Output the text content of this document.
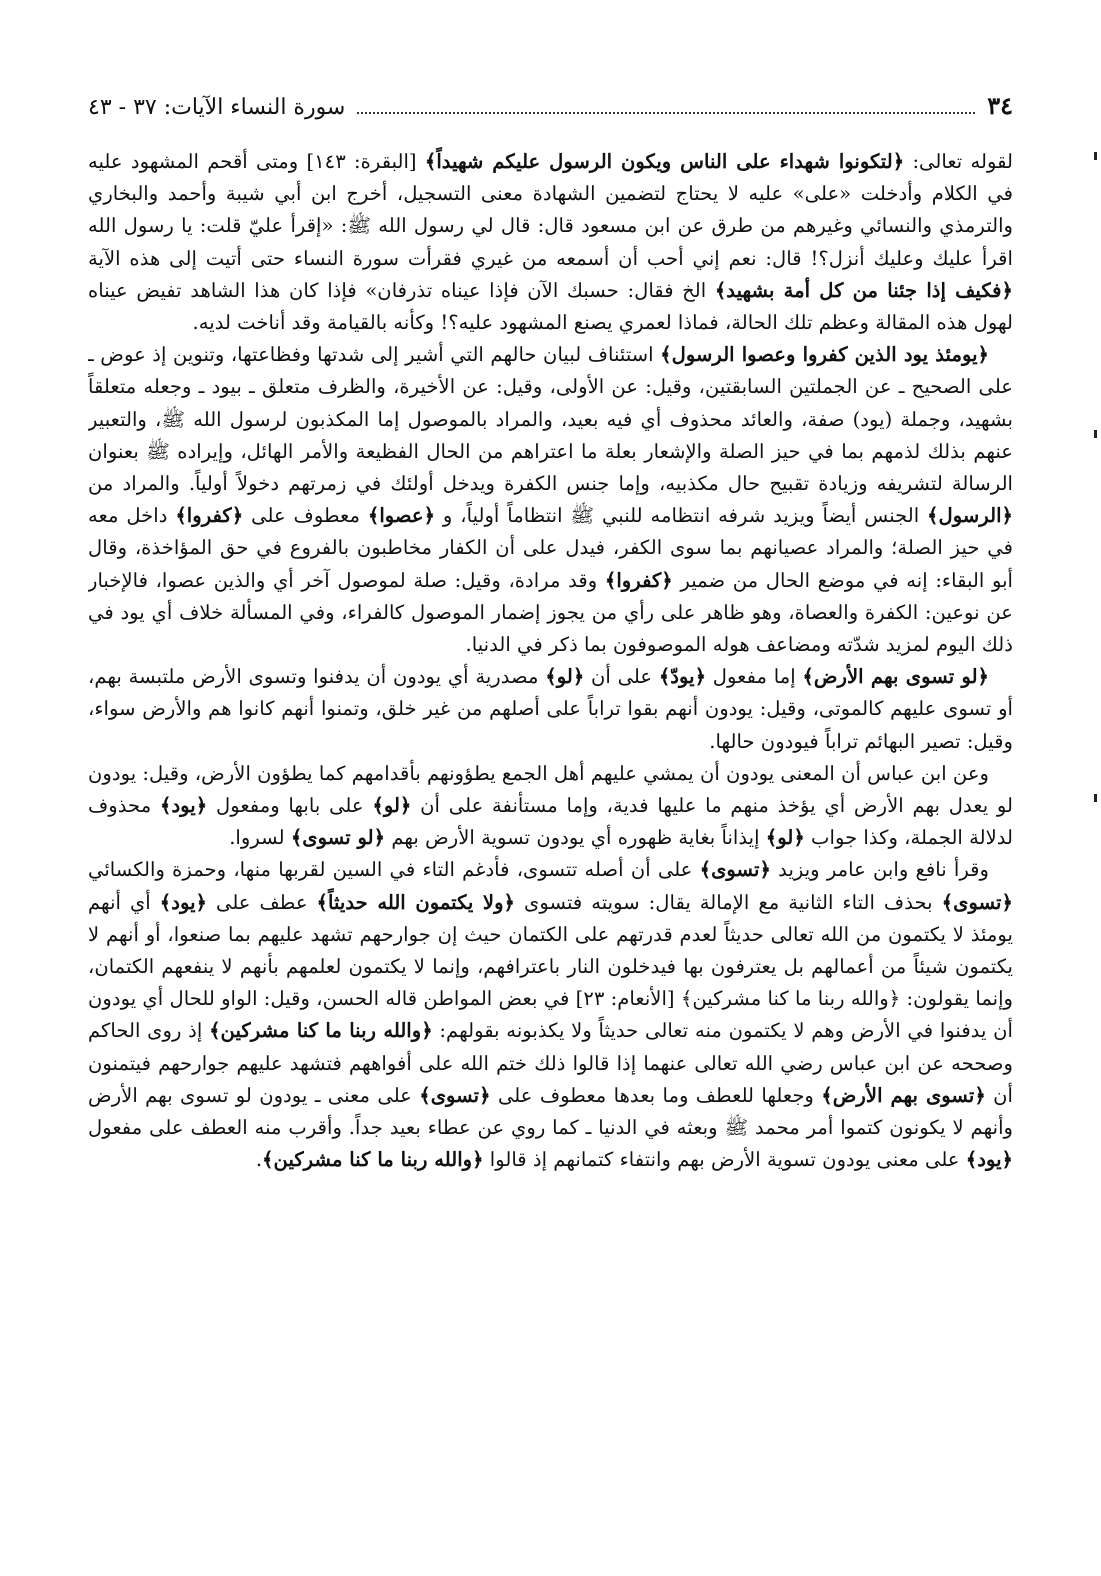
٣٤
سورة النساء الآيات: ٣٧ - ٤٣

لقوله تعالى: ﴿لتكونوا شهداء على الناس ويكون الرسول عليكم شهيداً﴾ [البقرة: ١٤٣] ومتى أقحم المشهود عليه في الكلام وأدخلت «على» عليه لا يحتاج لتضمين الشهادة معنى التسجيل، أخرج ابن أبي شيبة وأحمد والبخاري والترمذي والنسائي وغيرهم من طرق عن ابن مسعود قال: قال لي رسول الله ﷺ: «إقرأ عليّ قلت: يا رسول الله اقرأ عليك وعليك أنزل؟! قال: نعم إني أحب أن أسمعه من غيري فقرأت سورة النساء حتى أتيت إلى هذه الآية ﴿فكيف إذا جئنا من كل أمة بشهيد﴾ الخ فقال: حسبك الآن فإذا عيناه تذرفان» فإذا كان هذا الشاهد تفيض عيناه لهول هذه المقالة وعظم تلك الحالة، فماذا لعمري يصنع المشهود عليه؟! وكأنه بالقيامة وقد أناخت لديه.

﴿يومئذ يود الذين كفروا وعصوا الرسول﴾ استئناف لبيان حالهم التي أشير إلى شدتها وفظاعتها، وتنوين إذ عوض ـ على الصحيح ـ عن الجملتين السابقتين، وقيل: عن الأولى، وقيل: عن الأخيرة، والظرف متعلق ـ بيود ـ وجعله متعلقاً بشهيد، وجملة (يود) صفة، والعائد محذوف أي فيه بعيد، والمراد بالموصول إما المكذبون لرسول الله ﷺ، والتعبير عنهم بذلك لذمهم بما في حيز الصلة والإشعار بعلة ما اعتراهم من الحال الفظيعة والأمر الهائل، وإيراده ﷺ بعنوان الرسالة لتشريفه وزيادة تقبيح حال مكذبيه، وإما جنس الكفرة ويدخل أولئك في زمرتهم دخولاً أولياً. والمراد من ﴿الرسول﴾ الجنس أيضاً ويزيد شرفه انتظامه للنبي ﷺ انتظاماً أولياً، و ﴿عصوا﴾ معطوف على ﴿كفروا﴾ داخل معه في حيز الصلة؛ والمراد عصيانهم بما سوى الكفر، فيدل على أن الكفار مخاطبون بالفروع في حق المؤاخذة، وقال أبو البقاء: إنه في موضع الحال من ضمير ﴿كفروا﴾ وقد مرادة، وقيل: صلة لموصول آخر أي والذين عصوا، فالإخبار عن نوعين: الكفرة والعصاة، وهو ظاهر على رأي من يجوز إضمار الموصول كالفراء، وفي المسألة خلاف أي يود في ذلك اليوم لمزيد شدّته ومضاعف هوله الموصوفون بما ذكر في الدنيا.

﴿لو تسوى بهم الأرض﴾ إما مفعول ﴿يودّ﴾ على أن ﴿لو﴾ مصدرية أي يودون أن يدفنوا وتسوى الأرض ملتبسة بهم، أو تسوى عليهم كالموتى، وقيل: يودون أنهم بقوا تراباً على أصلهم من غير خلق، وتمنوا أنهم كانوا هم والأرض سواء، وقيل: تصير البهائم تراباً فيودون حالها.

وعن ابن عباس أن المعنى يودون أن يمشي عليهم أهل الجمع يطؤونهم بأقدامهم كما يطؤون الأرض، وقيل: يودون لو يعدل بهم الأرض أي يؤخذ منهم ما عليها فدية، وإما مستأنفة على أن ﴿لو﴾ على بابها ومفعول ﴿يود﴾ محذوف لدلالة الجملة، وكذا جواب ﴿لو﴾ إيذاناً بغاية ظهوره أي يودون تسوية الأرض بهم ﴿لو تسوى﴾ لسروا.

وقرأ نافع وابن عامر ويزيد ﴿تسوى﴾ على أن أصله تتسوى، فأدغم التاء في السين لقربها منها، وحمزة والكسائي ﴿تسوى﴾ بحذف التاء الثانية مع الإمالة يقال: سويته فتسوى ﴿ولا يكتمون الله حديثاً﴾ عطف على ﴿يود﴾ أي أنهم يومئذ لا يكتمون من الله تعالى حديثاً لعدم قدرتهم على الكتمان حيث إن جوارحهم تشهد عليهم بما صنعوا، أو أنهم لا يكتمون شيئاً من أعمالهم بل يعترفون بها فيدخلون النار باعترافهم، وإنما لا يكتمون لعلمهم بأنهم لا ينفعهم الكتمان، وإنما يقولون: ﴿والله ربنا ما كنا مشركين﴾ [الأنعام: ٢٣] في بعض المواطن قاله الحسن، وقيل: الواو للحال أي يودون أن يدفنوا في الأرض وهم لا يكتمون منه تعالى حديثاً ولا يكذبونه بقولهم: ﴿والله ربنا ما كنا مشركين﴾ إذ روى الحاكم وصححه عن ابن عباس رضي الله تعالى عنهما إذا قالوا ذلك ختم الله على أفواههم فتشهد عليهم جوارحهم فيتمنون أن ﴿تسوى بهم الأرض﴾ وجعلها للعطف وما بعدها معطوف على ﴿تسوى﴾ على معنى ـ يودون لو تسوى بهم الأرض وأنهم لا يكونون كتموا أمر محمد ﷺ وبعثه في الدنيا ـ كما روي عن عطاء بعيد جداً. وأقرب منه العطف على مفعول ﴿يود﴾ على معنى يودون تسوية الأرض بهم وانتفاء كتمانهم إذ قالوا ﴿والله ربنا ما كنا مشركين﴾.
